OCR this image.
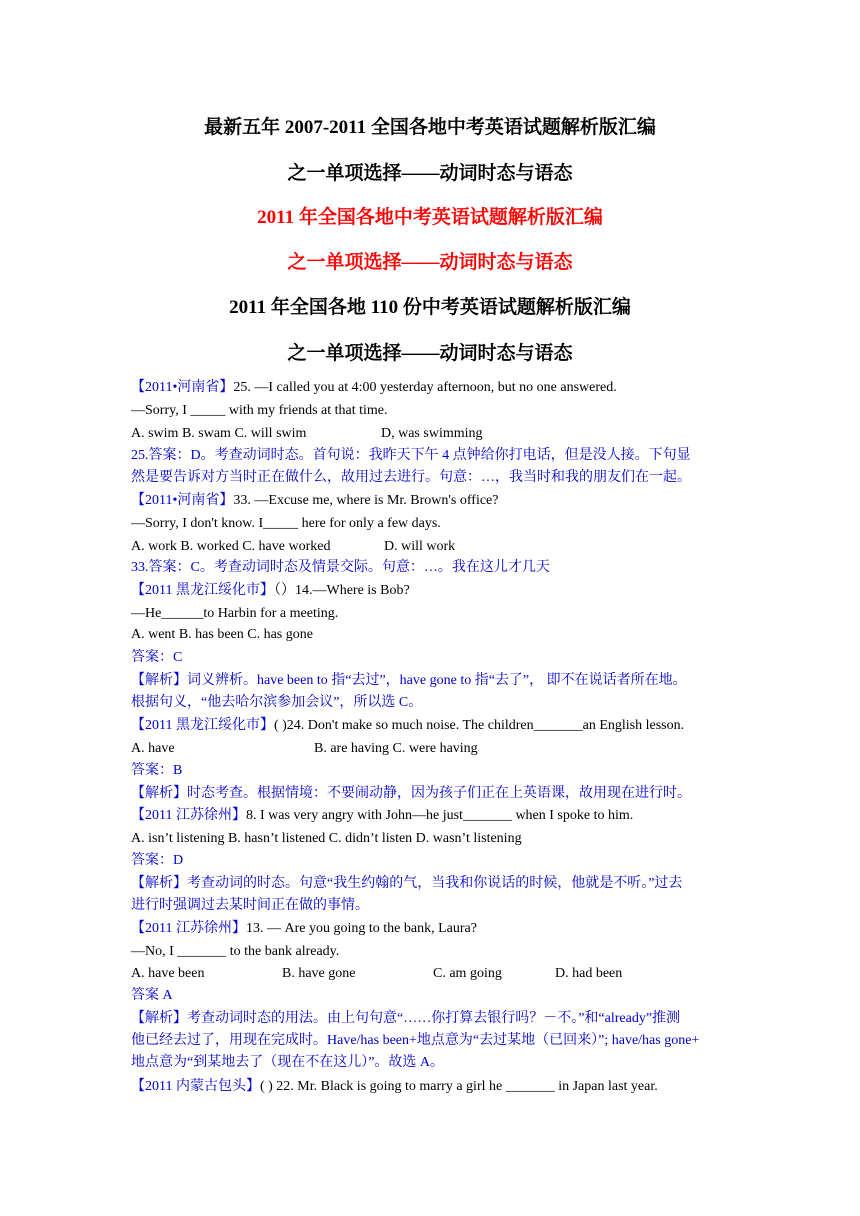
最新五年 2007-2011 全国各地中考英语试题解析版汇编
之一单项选择——动词时态与语态
2011 年全国各地中考英语试题解析版汇编
之一单项选择——动词时态与语态
2011 年全国各地 110 份中考英语试题解析版汇编
之一单项选择——动词时态与语态
【2011•河南省】25. —I called you at 4:00 yesterday afternoon, but no one answered.
—Sorry, I _____ with my friends at that time.
A. swim B. swam C. will swim	D, was swimming
25.答案：D。考查动词时态。首句说：我昨天下午 4 点钟给你打电话，但是没人接。下句显
然是要告诉对方当时正在做什么，故用过去进行。句意：…，我当时和我的朋友们在一起。
【2011•河南省】33. —Excuse me, where is Mr. Brown's office?
—Sorry, I don't know. I_____ here for only a few days.
A. work B. worked C. have worked	D. will work
33.答案：C。考查动词时态及情景交际。句意：…。我在这儿才几天
【2011 黑龙江绥化市】（）14.—Where is Bob?
—He______to Harbin for a meeting.
A. went B. has been C. has gone
答案：C
【解析】词义辨析。have been to 指“去过”，have gone to 指“去了”， 即不在说话者所在地。
根据句义，“他去哈尔滨参加会议”，所以选 C。
【2011 黑龙江绥化市】( )24. Don't make so much noise. The children_______an English lesson.
A. have	B. are having C. were having
答案：B
【解析】时态考查。根据情境：不要闹动静，因为孩子们正在上英语课，故用现在进行时。
【2011 江苏徐州】8. I was very angry with John—he just_______ when I spoke to him.
A. isn’t listening B. hasn’t listened C. didn’t listen D. wasn’t listening
答案：D
【解析】考查动词的时态。句意“我生约翰的气，当我和你说话的时候，他就是不听。”过去
进行时强调过去某时间正在做的事情。
【2011 江苏徐州】13. — Are you going to the bank, Laura?
—No, I _______ to the bank already.
A. have been	B. have gone	C. am going	D. had been
答案 A
【解析】考查动词时态的用法。由上句句意“……你打算去银行吗？－不。”和“already”推测
他已经去过了，用现在完成时。Have/has been+地点意为“去过某地（已回来）”; have/has gone+
地点意为“到某地去了（现在不在这儿）”。故选 A。
【2011 内蒙古包头】( ) 22. Mr. Black is going to marry a girl he _______ in Japan last year.
